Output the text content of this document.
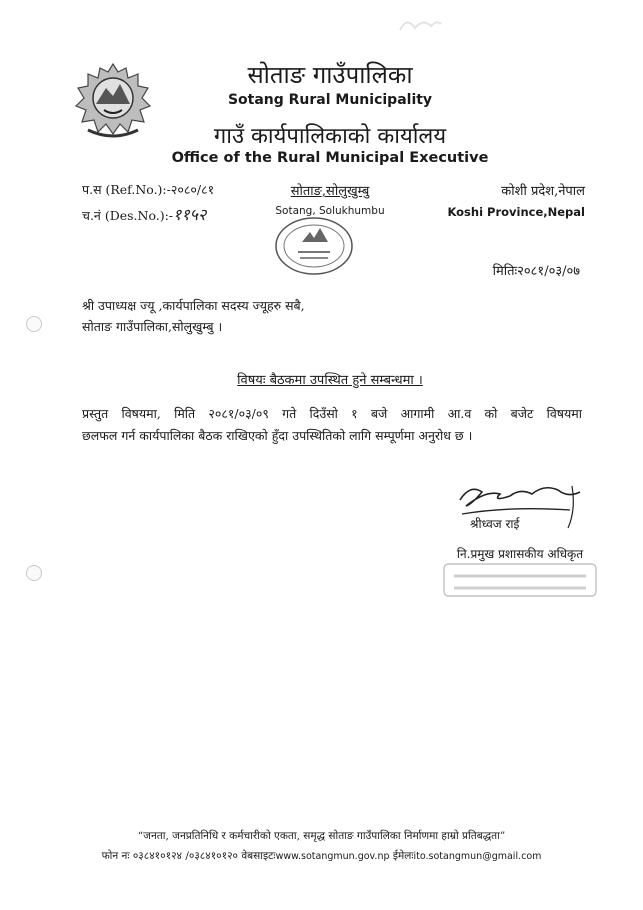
सोताङ गाउँपालिका
Sotang Rural Municipality
गाउँ कार्यपालिकाको कार्यालय
Office of the Rural Municipal Executive
प.स (Ref.No.):-२०८०/८१
च.नं (Des.No.):-११५२
सोताङ,सोलुखुम्बु
Sotang, Solukhumbu
कोशी प्रदेश,नेपाल
Koshi Province,Nepal
मितिः२०८१/०३/०७
श्री उपाध्यक्ष ज्यू ,कार्यपालिका सदस्य ज्यूहरु सबै,
सोताङ गाउँपालिका,सोलुखुम्बु ।
विषयः बैठकमा उपस्थित हुने सम्बन्धमा ।
प्रस्तुत विषयमा, मिति २०८१/०३/०९ गते दिउँसो १ बजे आगामी आ.व को बजेट विषयमा
छलफल गर्न कार्यपालिका बैठक राखिएको हुँदा उपस्थितिको लागि सम्पूर्णमा अनुरोध छ ।
श्रीध्वज राई
नि.प्रमुख प्रशासकीय अधिकृत
“जनता, जनप्रतिनिधि र कर्मचारीको एकता, समृद्ध सोताङ गाउँपालिका निर्माणमा हाम्रो प्रतिबद्धता”
फोन नः ०३८४१०१२४ /०३८४१०१२० वेबसाइटःwww.sotangmun.gov.np ईमेलःito.sotangmun@gmail.com
